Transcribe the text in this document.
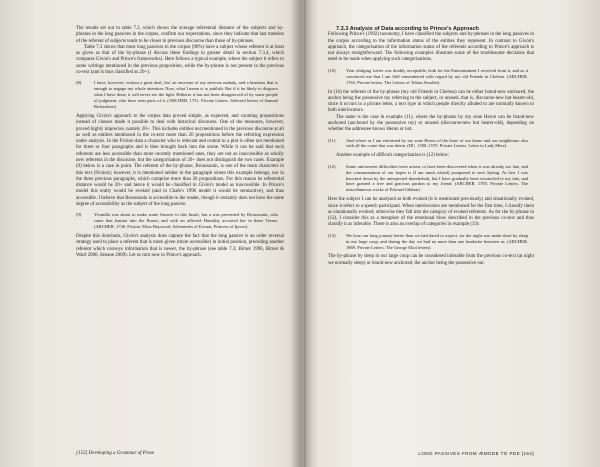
The results set out in table 7.2, which shows the average referential distance of the subjects and by-phrases in the long passives in the corpus, confirm our expectations, since they indicate that last mention of the referent of subjects tends to be closer in previous discourse than those of by-phrases.

Table 7.3 shows that most long passives in the corpus (90%) have a subject whose referent is at least as given as that of the by-phrase (I discuss these findings in greater detail in section 7.3.4, which compares Givón's and Prince's frameworks). Here follows a typical example, where the subject it refers to some writings mentioned in the previous proposition, while the by-phrase is not present in the previous co-text (and is thus classified as 20+).

(8)	I have, however, written a great deal, tho' an encrease of my nervous malady, and a business that is enough to engage my whole attention: Now, what I mean is to publish. But if it be likely to disgrace what I have done, it will never see the light. Hitherto it has not been disapproved of by some people of judgment, who have seen parts of it. (ARCHER. 1751. Private Letters. Selected letters of Samuel Richardson)

Applying Givón's approach to the corpus data proved simple, as expected, and counting propositions instead of clauses made it possible to deal with historical discourse. One of the measures, however, proved highly imprecise, namely 20+. This includes entities not mentioned in the previous discourse at all as well as entities mentioned in the co-text more than 20 propositions before the referring expression under analysis. In the Fiction data a character who is relevant and central to a plot is often not mentioned for three or four paragraphs and is then brought back into the scene. While it can be said that such referents are less accessible than more recently mentioned ones, they are not as inaccessible as wholly new referents in the discourse, but the categorisation of 20+ does not distinguish the two cases. Example (9) below is a case in point. The referent of the by-phrase, Broussonin, is one of the main characters in this text (Fiction); however, it is mentioned neither in the paragraph where this example belongs, nor in the three previous paragraphs, which comprise more than 20 propositions. For this reason its referential distance would be 20+ and hence it would be classified in Givón's model as inaccessible. In Prince's model this entity would be evoked (and in Chafe's 1996 model it would be semiactive), and thus accessible. I believe that Broussonin is accessible to the reader, though it certainly does not have the same degree of accessibility as the subject of the long passive.

(9)	Ytomilla was about to make some Answer to this Insult, but a was prevented by Broussonin, who came that Instant into the Room, and with an affected Humility accosted her in these Terms: (ARCHER. 1736. Fiction. Eliza Haywood, Adventures of Eovaai, Princess of Ijaveo)

Despite this drawback, Givón's analysis does capture the fact that the long passive is an order reversal strategy used to place a referent that is more given (more accessible) in initial position, preceding another referent which conveys information that is newer, the by-phrase (see table 7.3; Birner 1996, Birner & Ward 2006, Seoane 2009). Let us turn now to Prince's approach.

[152] Developing a Grammar of Prose

7.3.3 Analysis of Data according to Prince's Approach

Following Prince's (1992) taxonomy, I have classified the subjects and by-phrases in the long passives in the corpus according to the information status of the entities they represent. In contrast to Givón's approach, the categorisation of the information status of the referents according to Prince's approach is not always straightforward. The following examples illustrate some of the troublesome decisions that need to be made when applying such categorisations.

(10)	Your obliging Letter was doubly acceptable, both for the Entertainment I received from it, and as it convinced me that I am Still remembered with regard by my old Friends in Chelsea. (ARCHER. 1763. Private letters. The Letters of Tobias Smollet)

In (10) the referent of the by-phrase (my old Friends in Chelsea) can be either brand-new anchored, the anchor being the possessive my referring to the subject, or unused, that is, discourse-new but hearer-old, since it occurs in a private letter, a text type in which people directly alluded to are normally known to both interlocutors.

The same is the case in example (11), where the by-phrase by my sone Heron can be brand-new anchored (anchored by the possessive my) or unused (discourse-new but hearer-old), depending on whether the addressee knows Heron or not.

(11)	And where as I am enformed by my sone Heron of the lease of our barne and our neighbours also with all the corne that was therin. (HC. 1500–1570. Private Letters. Letter to Lady Mere)

Another example of difficult categorization is (12) below:

(12)	Some unforeseen difficulties have arisen, or have been discovered when it was already too late, and the consummation of our hopes is (I am much afraid) postponed to next Spring. At first I was knocked down by the unexpected thunderbolt, but I have gradually been reconciled to my fate, and have granted a free and gracious pardon to my friend. (ARCHER. 1783. Private Letters. The miscellaneous works of Edward Gibbon)

Here the subject I can be analysed as both evoked (it is mentioned previously) and situationally evoked, since it refers to a speech participant. When interlocutors are mentioned for the first time, I classify them as situationally evoked; otherwise they fall into the category of evoked referents. As for the by-phrase in (12), I consider this as a metaphor of the emotional blow described in the previous co-text and thus classify it as inferable. There is also an overlap of categories in example (13):

(13)	We bore our long journey better than we had dared to expect, for the night was made short by sleep in our large coup, and during the day we had no more than one headache between us. (ARCHER. 1869. Private Letters. The George Eliot letters)

The by-phrase by sleep in our large coup can be considered inferable from the previous co-text (at night we normally sleep) or brand-new anchored, the anchor being the possessive our.

LONG PASSIVES FROM ÆMODE TO PDE [153]
